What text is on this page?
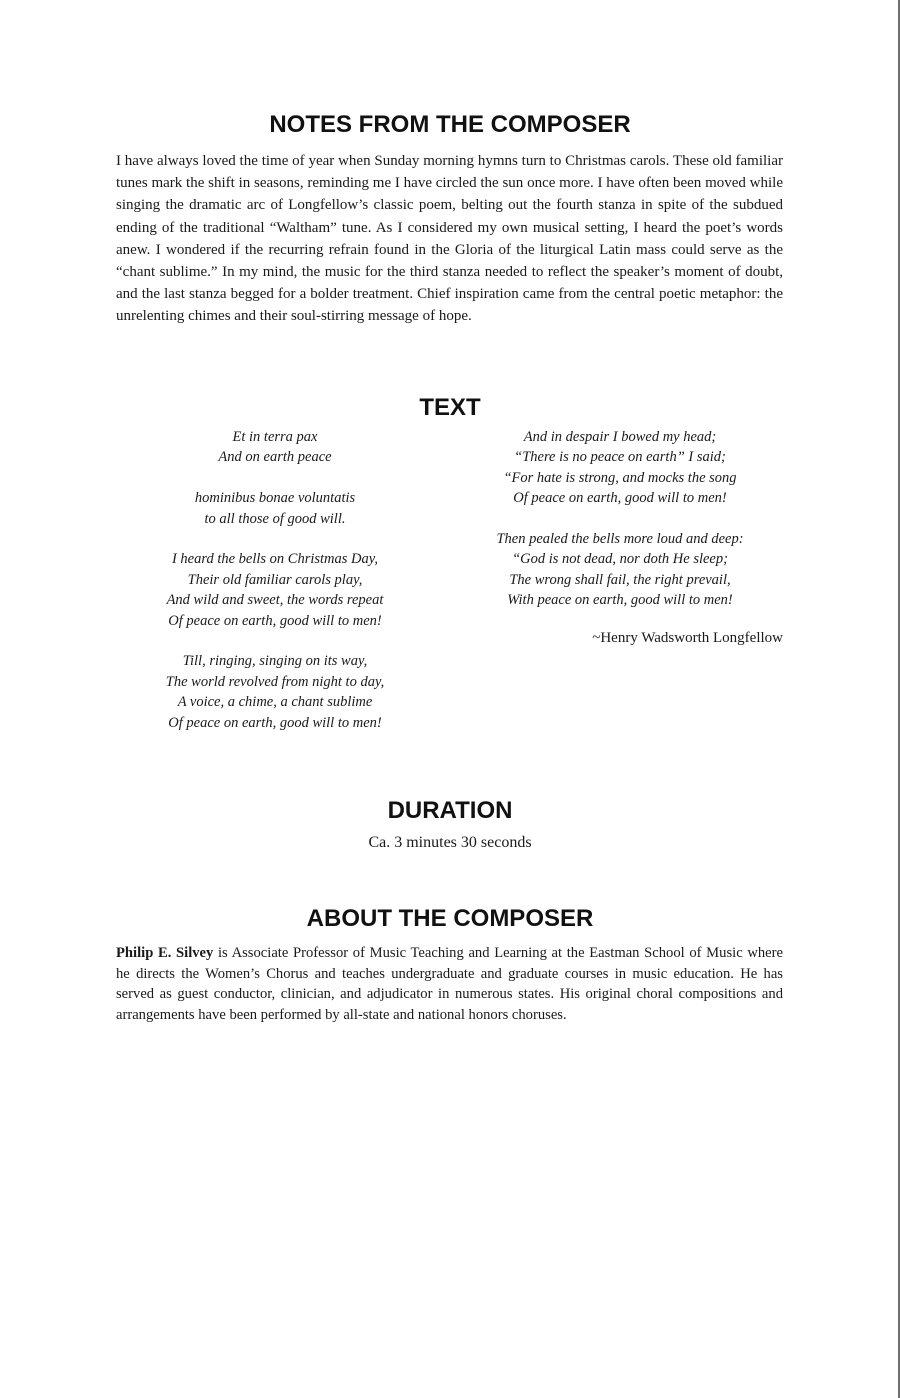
NOTES FROM THE COMPOSER

I have always loved the time of year when Sunday morning hymns turn to Christmas carols. These old familiar tunes mark the shift in seasons, reminding me I have circled the sun once more. I have often been moved while singing the dramatic arc of Longfellow’s classic poem, belting out the fourth stanza in spite of the subdued ending of the traditional “Waltham” tune. As I considered my own musical setting, I heard the poet’s words anew. I wondered if the recurring refrain found in the Gloria of the liturgical Latin mass could serve as the “chant sublime.” In my mind, the music for the third stanza needed to reflect the speaker’s moment of doubt, and the last stanza begged for a bolder treatment. Chief inspiration came from the central poetic metaphor: the unrelenting chimes and their soul-stirring message of hope.

TEXT
Et in terra pax
And on earth peace
hominibus bonae voluntatis
to all those of good will.
I heard the bells on Christmas Day,
Their old familiar carols play,
And wild and sweet, the words repeat
Of peace on earth, good will to men!
Till, ringing, singing on its way,
The world revolved from night to day,
A voice, a chime, a chant sublime
Of peace on earth, good will to men!
And in despair I bowed my head;
“There is no peace on earth” I said;
“For hate is strong, and mocks the song
Of peace on earth, good will to men!
Then pealed the bells more loud and deep:
“God is not dead, nor doth He sleep;
The wrong shall fail, the right prevail,
With peace on earth, good will to men!
~Henry Wadsworth Longfellow
DURATION
Ca. 3 minutes 30 seconds
ABOUT THE COMPOSER

Philip E. Silvey is Associate Professor of Music Teaching and Learning at the Eastman School of Music where he directs the Women’s Chorus and teaches undergraduate and graduate courses in music education. He has served as guest conductor, clinician, and adjudicator in numerous states. His original choral compositions and arrangements have been performed by all-state and national honors choruses.
